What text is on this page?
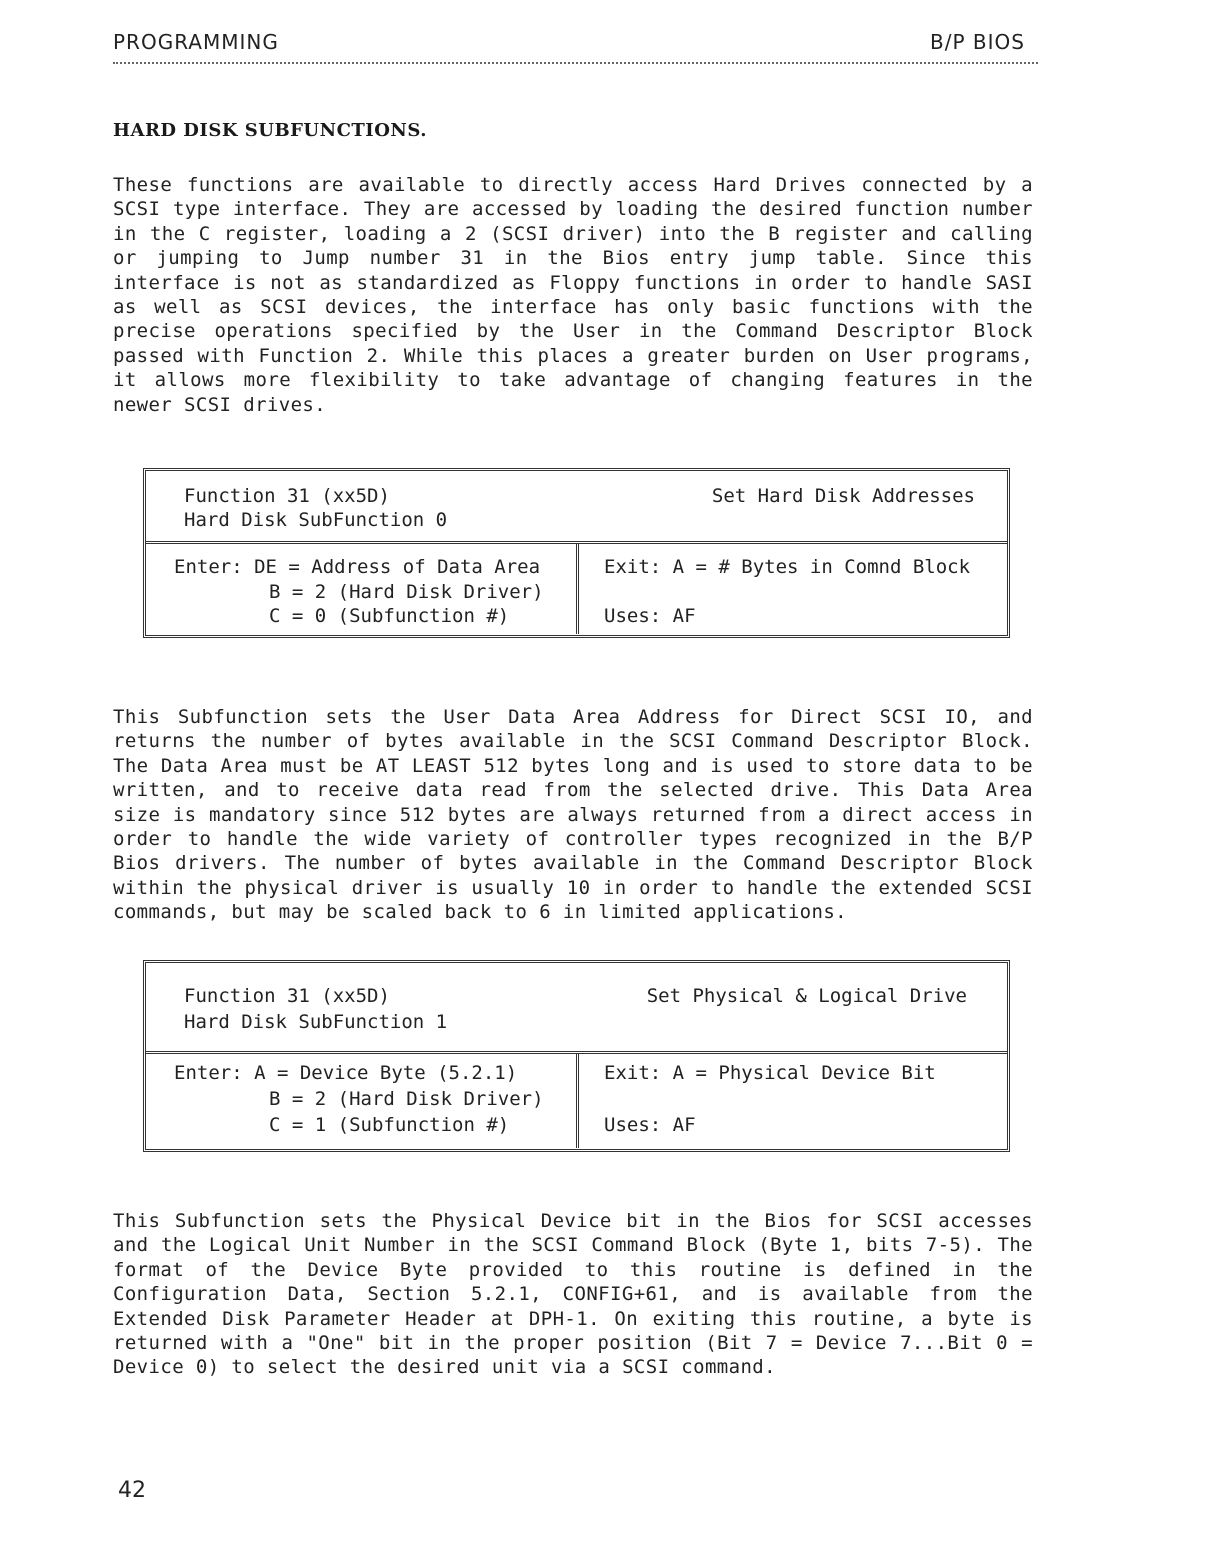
PROGRAMMING	B/P BIOS
HARD DISK SUBFUNCTIONS.
These functions are available to directly access Hard Drives connected by a SCSI type interface. They are accessed by loading the desired function number in the C register, loading a 2 (SCSI driver) into the B register and calling or jumping to Jump number 31 in the Bios entry jump table. Since this interface is not as standardized as Floppy functions in order to handle SASI as well as SCSI devices, the interface has only basic functions with the precise operations specified by the User in the Command Descriptor Block passed with Function 2. While this places a greater burden on User programs, it allows more flexibility to take advantage of changing features in the newer SCSI drives.
Function 31 (xx5D)
Hard Disk SubFunction 0
Set Hard Disk Addresses
Enter: DE = Address of Data Area
B = 2 (Hard Disk Driver)
C = 0 (Subfunction #)
Exit: A = # Bytes in Comnd Block
Uses: AF
This Subfunction sets the User Data Area Address for Direct SCSI IO, and returns the number of bytes available in the SCSI Command Descriptor Block. The Data Area must be AT LEAST 512 bytes long and is used to store data to be written, and to receive data read from the selected drive. This Data Area size is mandatory since 512 bytes are always returned from a direct access in order to handle the wide variety of controller types recognized in the B/P Bios drivers. The number of bytes available in the Command Descriptor Block within the physical driver is usually 10 in order to handle the extended SCSI commands, but may be scaled back to 6 in limited applications.
Function 31 (xx5D)
Hard Disk SubFunction 1
Set Physical & Logical Drive
Enter: A = Device Byte (5.2.1)
B = 2 (Hard Disk Driver)
C = 1 (Subfunction #)
Exit: A = Physical Device Bit
Uses: AF
This Subfunction sets the Physical Device bit in the Bios for SCSI accesses and the Logical Unit Number in the SCSI Command Block (Byte 1, bits 7-5). The format of the Device Byte provided to this routine is defined in the Configuration Data, Section 5.2.1, CONFIG+61, and is available from the Extended Disk Parameter Header at DPH-1. On exiting this routine, a byte is returned with a "One" bit in the proper position (Bit 7 = Device 7...Bit 0 = Device 0) to select the desired unit via a SCSI command.
42
